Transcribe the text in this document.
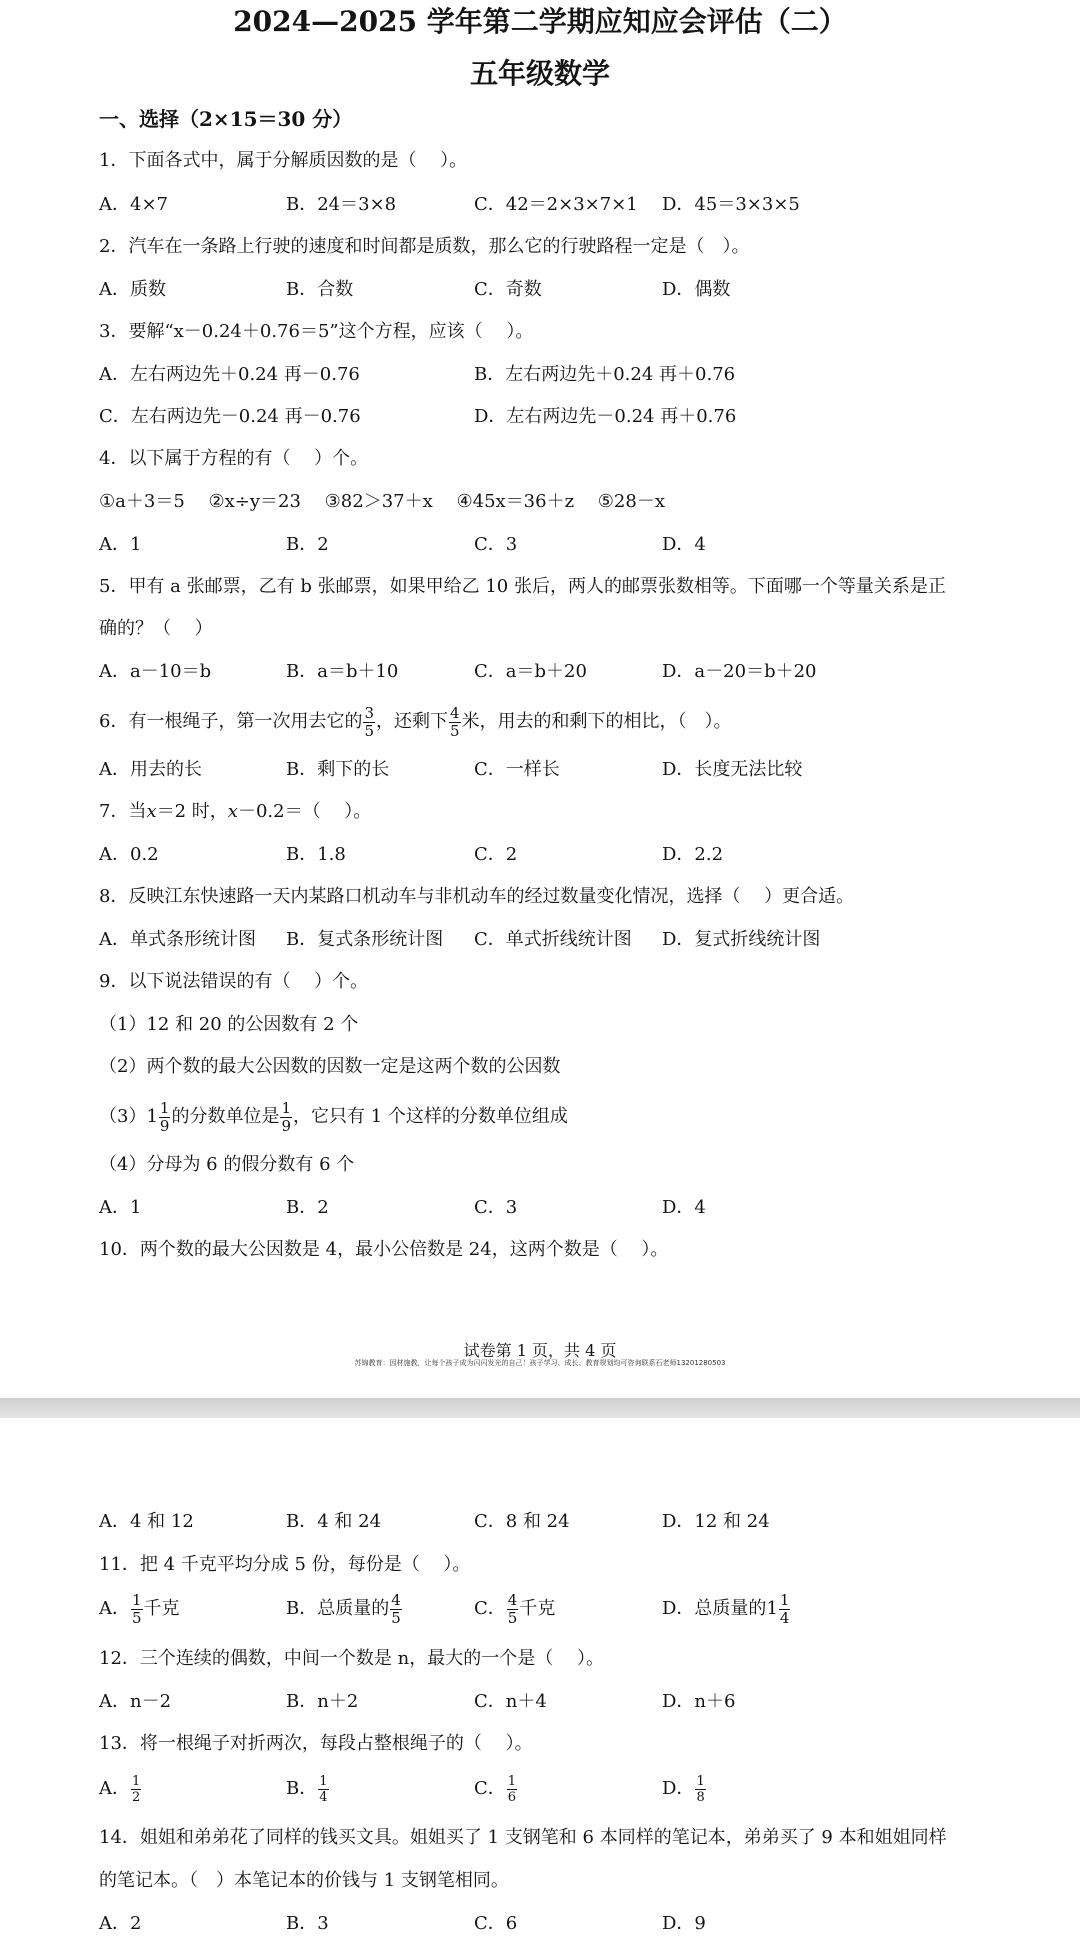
2024—2025 学年第二学期应知应会评估（二）
五年级数学
一、选择（2×15＝30 分）
1．下面各式中，属于分解质因数的是（　 ）。
A．4×7	B．24＝3×8	C．42＝2×3×7×1 D．45＝3×3×5
2．汽车在一条路上行驶的速度和时间都是质数，那么它的行驶路程一定是（　）。
A．质数	B．合数	C．奇数	D．偶数
3．要解“x－0.24＋0.76＝5”这个方程，应该（　 ）。
A．左右两边先＋0.24 再－0.76	B．左右两边先＋0.24 再＋0.76
C．左右两边先－0.24 再－0.76	D．左右两边先－0.24 再＋0.76
4．以下属于方程的有（　 ）个。
①a＋3＝5　 ②x÷y＝23　 ③82＞37＋x　 ④45x＝36＋z　 ⑤28－x
A．1	B．2	C．3	D．4
5．甲有 a 张邮票，乙有 b 张邮票，如果甲给乙 10 张后，两人的邮票张数相等。下面哪一个等量关系是正
确的？（　 ）
A．a－10＝b	B．a＝b＋10	C．a＝b＋20	D．a－20＝b＋20
6．有一根绳子，第一次用去它的 $\frac{3}{5}$ ，还剩下 $\frac{4}{5}$ 米，用去的和剩下的相比，（　）。
A．用去的长	B．剩下的长	C．一样长	D．长度无法比较
7．当x＝2 时，x－0.2＝（　 ）。
A．0.2	B．1.8	C．2	D．2.2
8．反映江东快速路一天内某路口机动车与非机动车的经过数量变化情况，选择（　 ）更合适。
A．单式条形统计图 B．复式条形统计图 C．单式折线统计图 D．复式折线统计图
9．以下说法错误的有（　 ）个。
（1）12 和 20 的公因数有 2 个
（2）两个数的最大公因数的因数一定是这两个数的公因数
$(3)1 \frac{1}{9}$ 的分数单位是 $\frac{1}{9}$ ，它只有 1 个这样的分数单位组成
（4）分母为 6 的假分数有 6 个
A．1	B．2	C．3	D．4
10．两个数的最大公因数是 4，最小公倍数是 24，这两个数是（　 ）。
试卷第 1 页，共 4 页
苏锦教育：因材施教，让每个孩子成为闪闪发光的自己！孩子学习、成长、教育规划均可咨询联系石老师13201280503
A．4 和 12	B．4 和 24	C．8 和 24	D．12 和 24
11．把 4 千克平均分成 5 份，每份是（　 ）。
A． $\frac{1}{5}$ 千克	B．总质量的 $\frac{4}{5}$	C． $\frac{4}{5}$ 千克	D．总质量的$1 \frac{1}{4}$
12．三个连续的偶数，中间一个数是 n，最大的一个是（　 ）。
A．n－2	B．n＋2	C．n＋4	D．n＋6
13．将一根绳子对折两次，每段占整根绳子的（　 ）。
A． $\frac{1}{2}$	B． $\frac{1}{4}$	C． $\frac{1}{6}$	D． $\frac{1}{8}$
14．姐姐和弟弟花了同样的钱买文具。姐姐买了 1 支钢笔和 6 本同样的笔记本，弟弟买了 9 本和姐姐同样
的笔记本。（　）本笔记本的价钱与 1 支钢笔相同。
A．2	B．3	C．6	D．9
